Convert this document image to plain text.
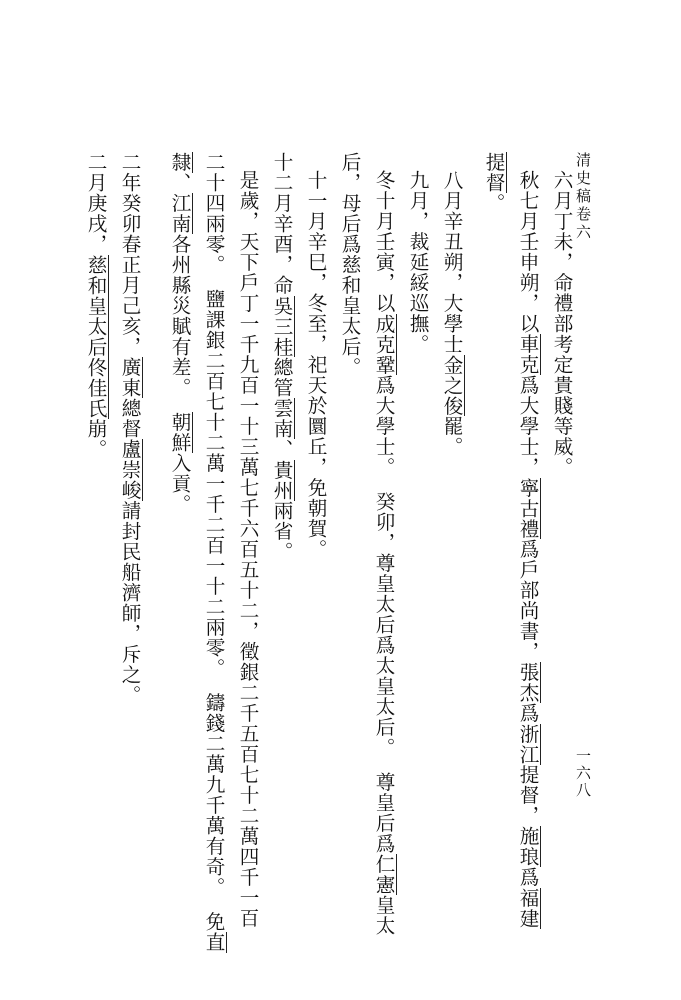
清史稿卷六
一六八
六月丁未，命禮部考定貴賤等威。
秋七月壬申朔，以車克爲大學士，寧古禮爲戶部尚書，張杰爲浙江提督，施琅爲福建
提督。
八月辛丑朔，大學士金之俊罷。
九月，裁延綏巡撫。
冬十月壬寅，以成克鞏爲大學士。癸卯，尊皇太后爲太皇太后。尊皇后爲仁憲皇太
后，母后爲慈和皇太后。
十一月辛巳，冬至，祀天於圜丘，免朝賀。
十二月辛酉，命吳三桂總管雲南、貴州兩省。
是歲，天下戶丁一千九百一十三萬七千六百五十二，徵銀二千五百七十二萬四千一百
二十四兩零。鹽課銀二百七十二萬一千二百一十二兩零。鑄錢二萬九千萬有奇。免直
隸、江南各州縣災賦有差。朝鮮入貢。
二年癸卯春正月己亥，廣東總督盧崇峻請封民船濟師，斥之。
二月庚戌，慈和皇太后佟佳氏崩。
